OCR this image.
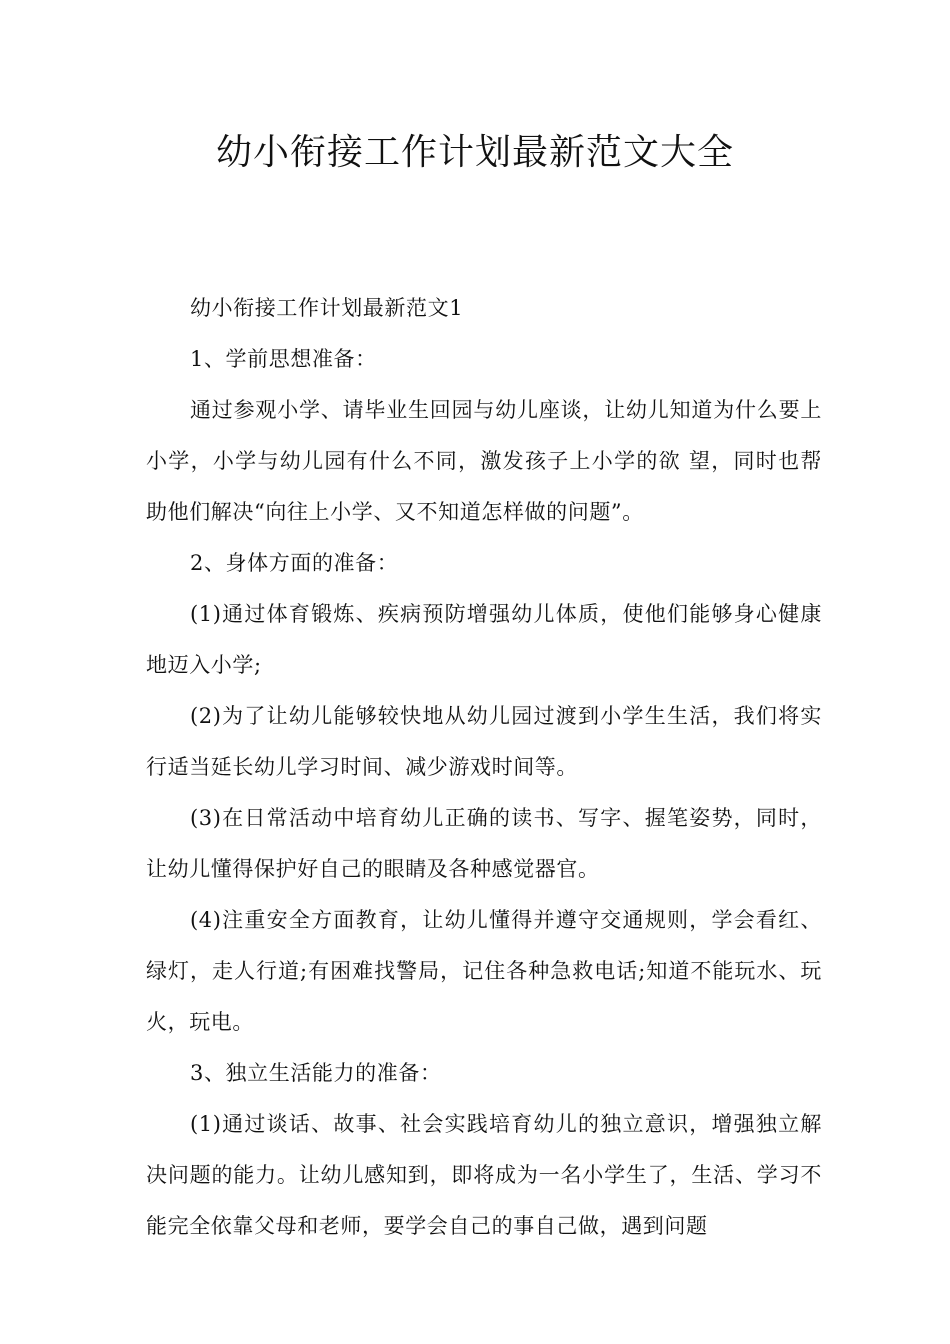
幼小衔接工作计划最新范文大全

幼小衔接工作计划最新范文1

1、学前思想准备：

通过参观小学、请毕业生回园与幼儿座谈，让幼儿知道为什么要上小学，小学与幼儿园有什么不同，激发孩子上小学的欲 望，同时也帮助他们解决“向往上小学、又不知道怎样做的问题”。

2、身体方面的准备：

(1)通过体育锻炼、疾病预防增强幼儿体质，使他们能够身心健康地迈入小学;

(2)为了让幼儿能够较快地从幼儿园过渡到小学生生活，我们将实行适当延长幼儿学习时间、减少游戏时间等。

(3)在日常活动中培育幼儿正确的读书、写字、握笔姿势，同时，让幼儿懂得保护好自己的眼睛及各种感觉器官。

(4)注重安全方面教育，让幼儿懂得并遵守交通规则，学会看红、绿灯，走人行道;有困难找警局，记住各种急救电话;知道不能玩水、玩火，玩电。

3、独立生活能力的准备：

(1)通过谈话、故事、社会实践培育幼儿的独立意识，增强独立解决问题的能力。让幼儿感知到，即将成为一名小学生了，生活、学习不能完全依靠父母和老师，要学会自己的事自己做，遇到问题
